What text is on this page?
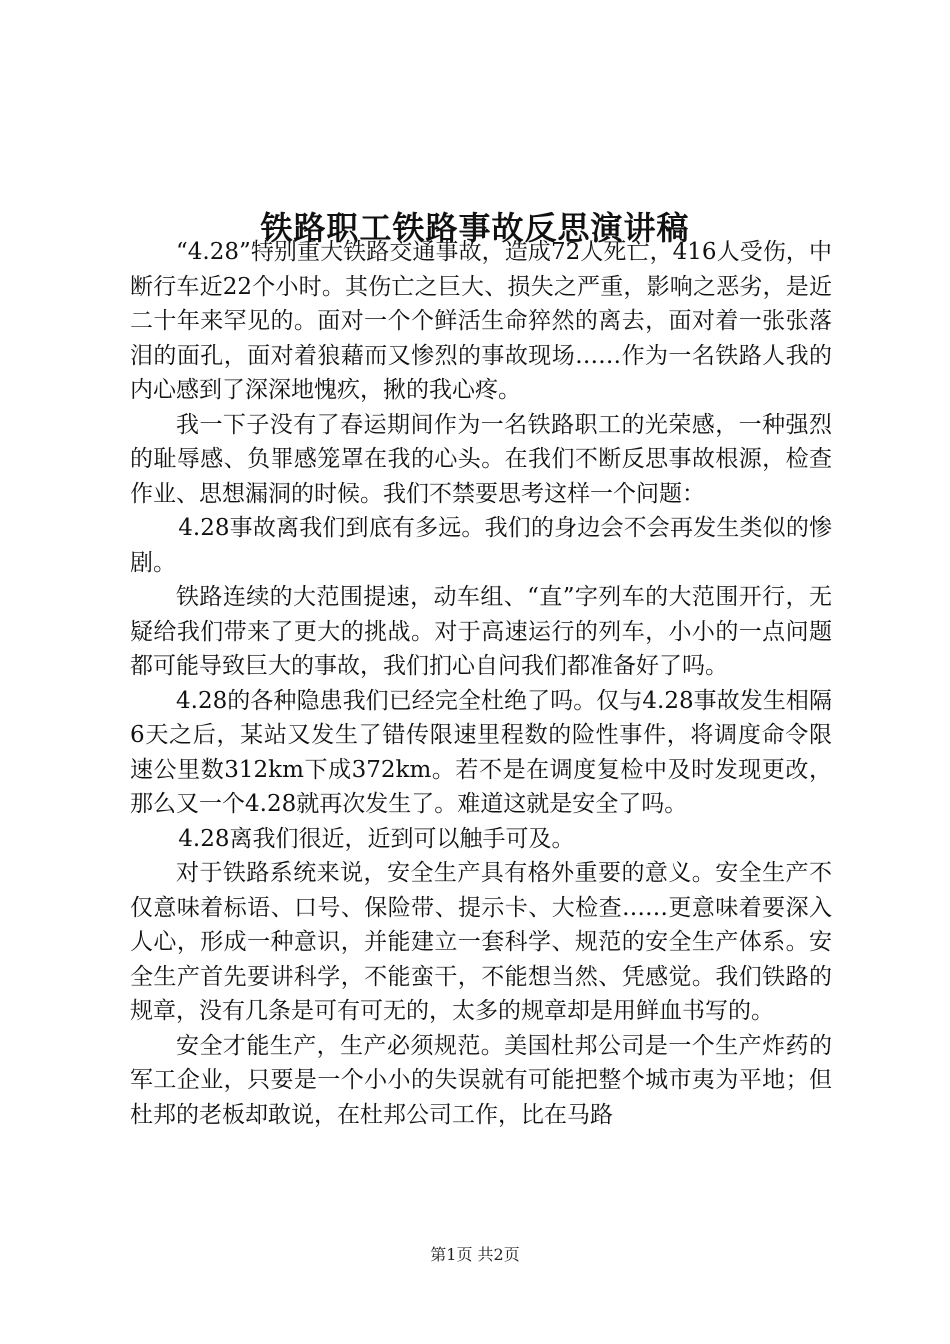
铁路职工铁路事故反思演讲稿

“4.28”特别重大铁路交通事故，造成72人死亡，416人受伤，中断行车近22个小时。其伤亡之巨大、损失之严重，影响之恶劣，是近二十年来罕见的。面对一个个鲜活生命猝然的离去，面对着一张张落泪的面孔，面对着狼藉而又惨烈的事故现场……作为一名铁路人我的内心感到了深深地愧疚，揪的我心疼。

我一下子没有了春运期间作为一名铁路职工的光荣感，一种强烈的耻辱感、负罪感笼罩在我的心头。在我们不断反思事故根源，检查作业、思想漏洞的时候。我们不禁要思考这样一个问题：

4.28事故离我们到底有多远。我们的身边会不会再发生类似的惨剧。

铁路连续的大范围提速，动车组、“直”字列车的大范围开行，无疑给我们带来了更大的挑战。对于高速运行的列车，小小的一点问题都可能导致巨大的事故，我们扪心自问我们都准备好了吗。

4.28的各种隐患我们已经完全杜绝了吗。仅与4.28事故发生相隔6天之后，某站又发生了错传限速里程数的险性事件，将调度命令限速公里数312km下成372km。若不是在调度复检中及时发现更改，那么又一个4.28就再次发生了。难道这就是安全了吗。

4.28离我们很近，近到可以触手可及。

对于铁路系统来说，安全生产具有格外重要的意义。安全生产不仅意味着标语、口号、保险带、提示卡、大检查……更意味着要深入人心，形成一种意识，并能建立一套科学、规范的安全生产体系。安全生产首先要讲科学，不能蛮干，不能想当然、凭感觉。我们铁路的规章，没有几条是可有可无的，太多的规章却是用鲜血书写的。

安全才能生产，生产必须规范。美国杜邦公司是一个生产炸药的军工企业，只要是一个小小的失误就有可能把整个城市夷为平地；但杜邦的老板却敢说，在杜邦公司工作，比在马路

第1页 共2页
